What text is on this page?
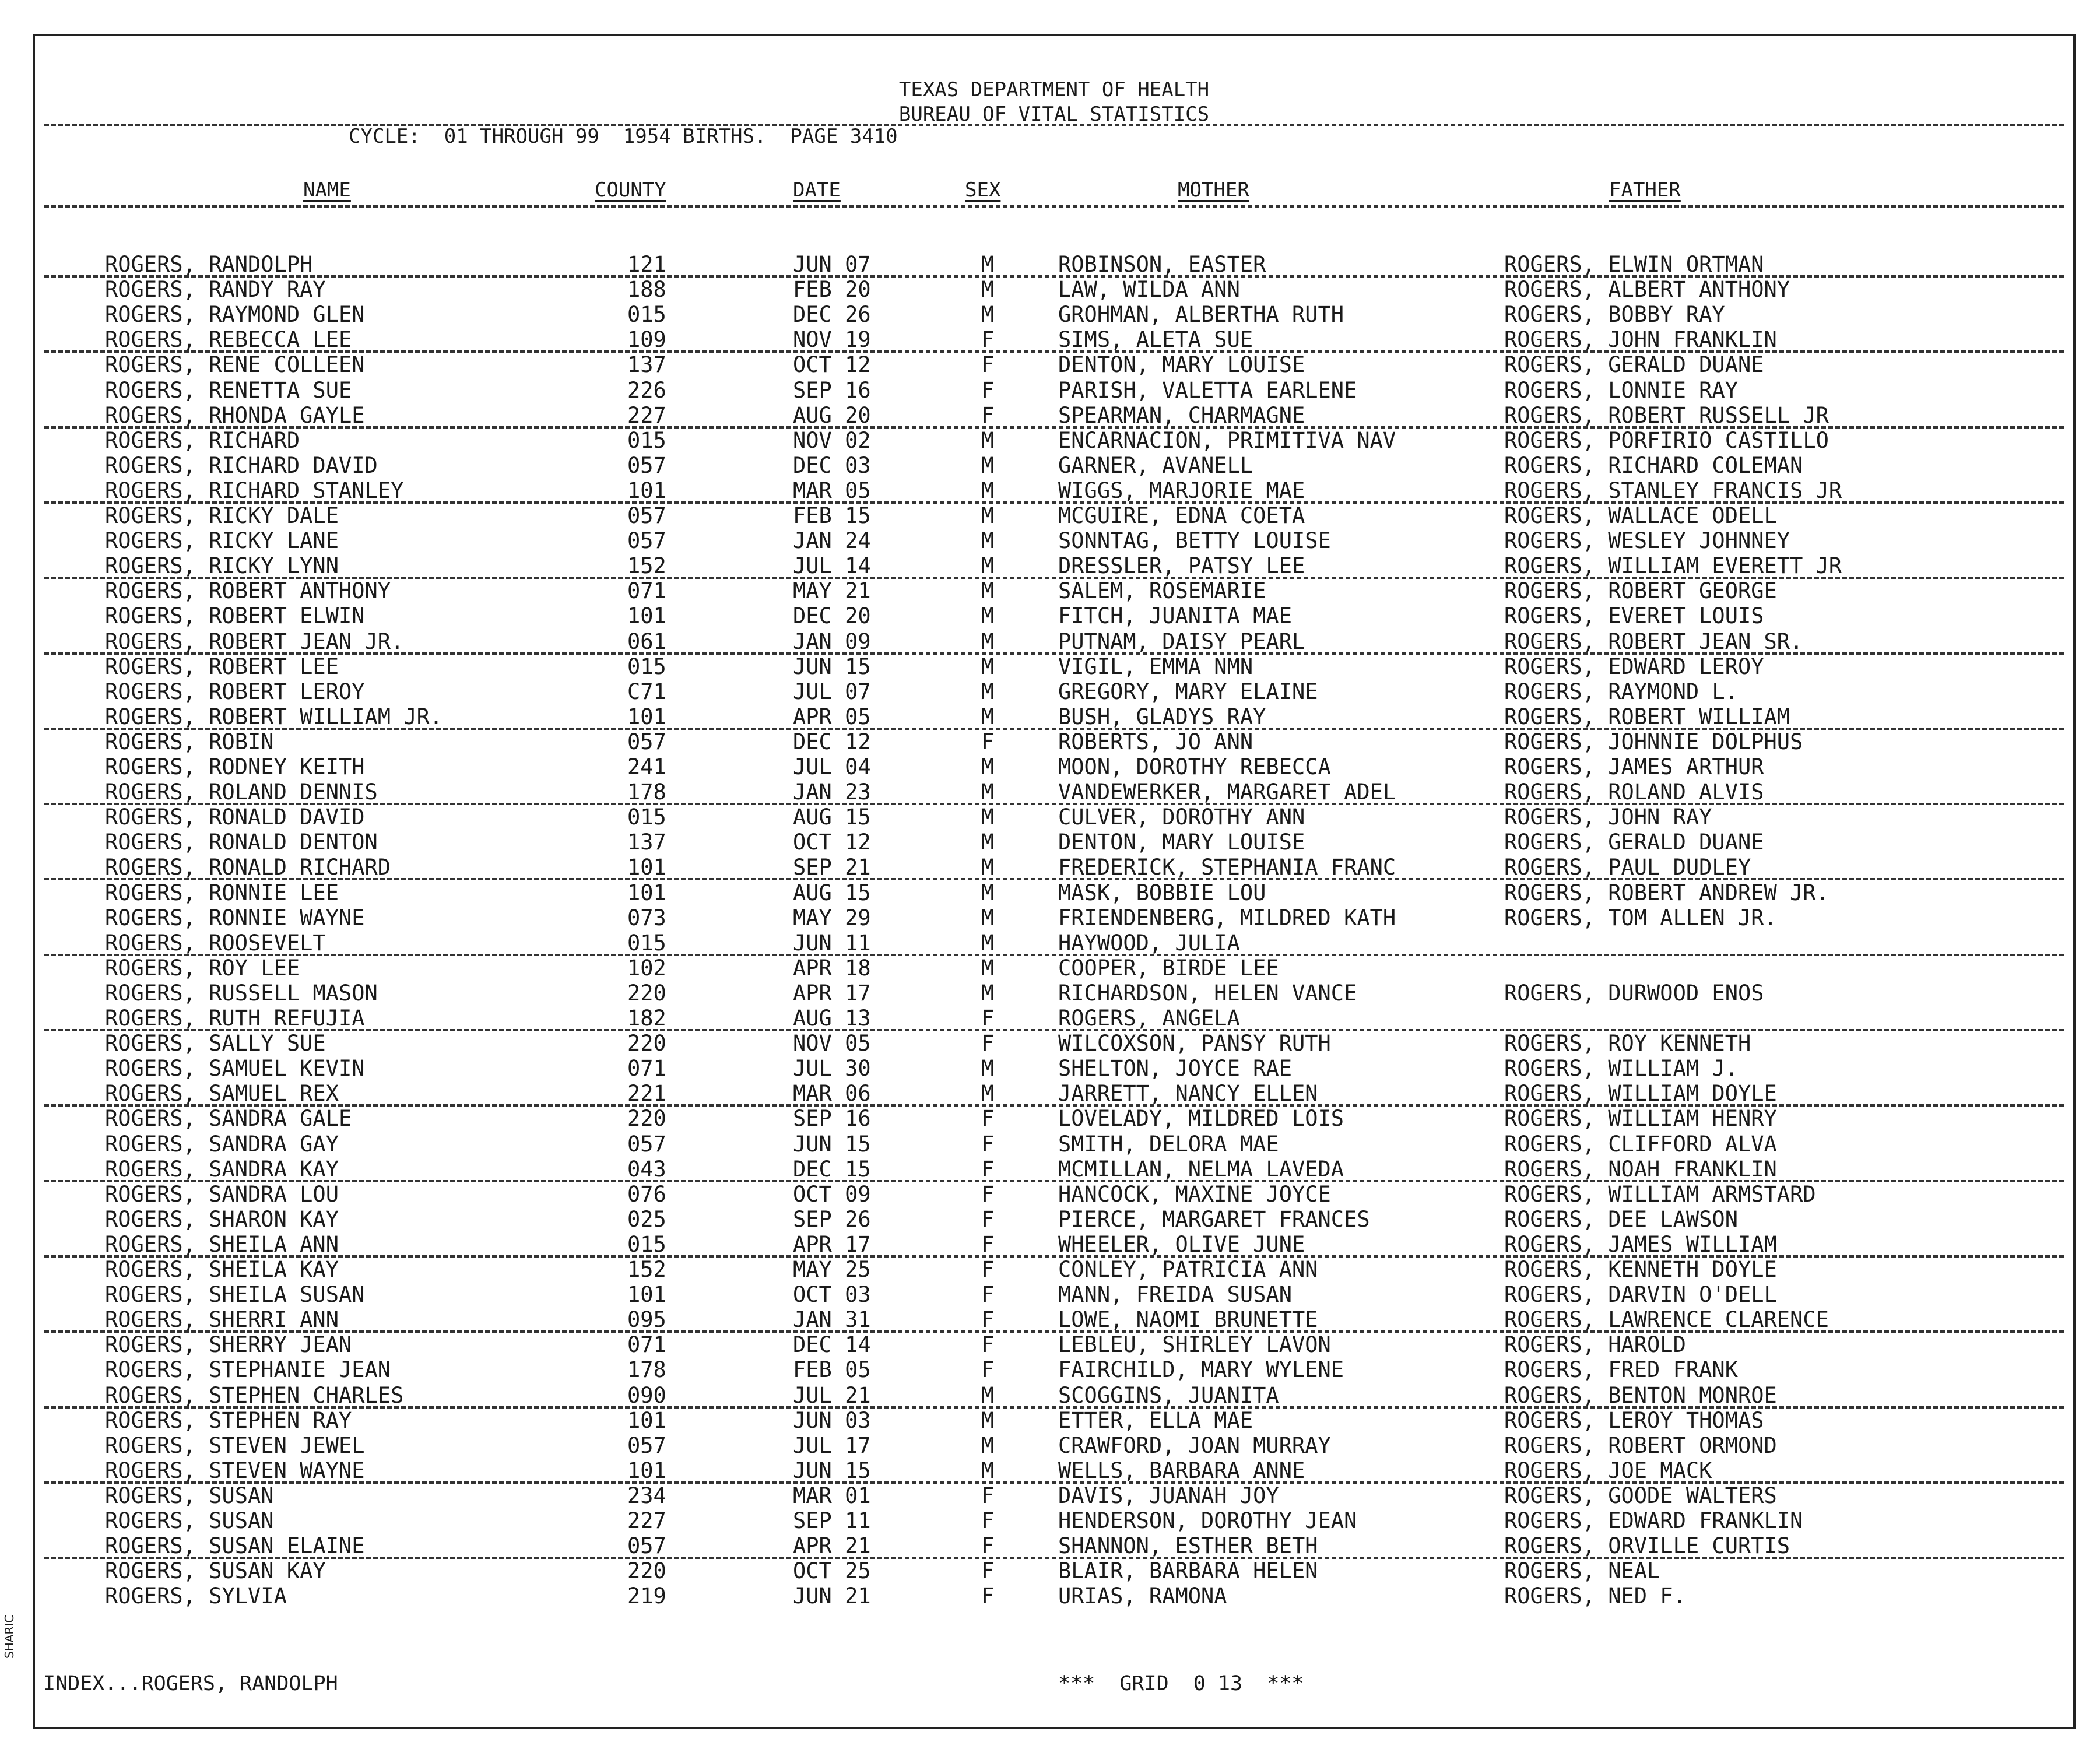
TEXAS DEPARTMENT OF HEALTH
BUREAU OF VITAL STATISTICS
CYCLE:  01 THROUGH 99  1954 BIRTHS.  PAGE 3410
NAME	COUNTY	DATE	SEX	MOTHER	FATHER
ROGERS, RANDOLPH	121	JUN 07	M	ROBINSON, EASTER	ROGERS, ELWIN ORTMAN
ROGERS, RANDY RAY	188	FEB 20	M	LAW, WILDA ANN	ROGERS, ALBERT ANTHONY
ROGERS, RAYMOND GLEN	015	DEC 26	M	GROHMAN, ALBERTHA RUTH	ROGERS, BOBBY RAY
ROGERS, REBECCA LEE	109	NOV 19	F	SIMS, ALETA SUE	ROGERS, JOHN FRANKLIN
ROGERS, RENE COLLEEN	137	OCT 12	F	DENTON, MARY LOUISE	ROGERS, GERALD DUANE
ROGERS, RENETTA SUE	226	SEP 16	F	PARISH, VALETTA EARLENE	ROGERS, LONNIE RAY
ROGERS, RHONDA GAYLE	227	AUG 20	F	SPEARMAN, CHARMAGNE	ROGERS, ROBERT RUSSELL JR
ROGERS, RICHARD	015	NOV 02	M	ENCARNACION, PRIMITIVA NAV	ROGERS, PORFIRIO CASTILLO
ROGERS, RICHARD DAVID	057	DEC 03	M	GARNER, AVANELL	ROGERS, RICHARD COLEMAN
ROGERS, RICHARD STANLEY	101	MAR 05	M	WIGGS, MARJORIE MAE	ROGERS, STANLEY FRANCIS JR
ROGERS, RICKY DALE	057	FEB 15	M	MCGUIRE, EDNA COETA	ROGERS, WALLACE ODELL
ROGERS, RICKY LANE	057	JAN 24	M	SONNTAG, BETTY LOUISE	ROGERS, WESLEY JOHNNEY
ROGERS, RICKY LYNN	152	JUL 14	M	DRESSLER, PATSY LEE	ROGERS, WILLIAM EVERETT JR
ROGERS, ROBERT ANTHONY	071	MAY 21	M	SALEM, ROSEMARIE	ROGERS, ROBERT GEORGE
ROGERS, ROBERT ELWIN	101	DEC 20	M	FITCH, JUANITA MAE	ROGERS, EVERET LOUIS
ROGERS, ROBERT JEAN JR.	061	JAN 09	M	PUTNAM, DAISY PEARL	ROGERS, ROBERT JEAN SR.
ROGERS, ROBERT LEE	015	JUN 15	M	VIGIL, EMMA NMN	ROGERS, EDWARD LEROY
ROGERS, ROBERT LEROY	C71	JUL 07	M	GREGORY, MARY ELAINE	ROGERS, RAYMOND L.
ROGERS, ROBERT WILLIAM JR.	101	APR 05	M	BUSH, GLADYS RAY	ROGERS, ROBERT WILLIAM
ROGERS, ROBIN	057	DEC 12	F	ROBERTS, JO ANN	ROGERS, JOHNNIE DOLPHUS
ROGERS, RODNEY KEITH	241	JUL 04	M	MOON, DOROTHY REBECCA	ROGERS, JAMES ARTHUR
ROGERS, ROLAND DENNIS	178	JAN 23	M	VANDEWERKER, MARGARET ADEL	ROGERS, ROLAND ALVIS
ROGERS, RONALD DAVID	015	AUG 15	M	CULVER, DOROTHY ANN	ROGERS, JOHN RAY
ROGERS, RONALD DENTON	137	OCT 12	M	DENTON, MARY LOUISE	ROGERS, GERALD DUANE
ROGERS, RONALD RICHARD	101	SEP 21	M	FREDERICK, STEPHANIA FRANC	ROGERS, PAUL DUDLEY
ROGERS, RONNIE LEE	101	AUG 15	M	MASK, BOBBIE LOU	ROGERS, ROBERT ANDREW JR.
ROGERS, RONNIE WAYNE	073	MAY 29	M	FRIENDENBERG, MILDRED KATH	ROGERS, TOM ALLEN JR.
ROGERS, ROOSEVELT	015	JUN 11	M	HAYWOOD, JULIA
ROGERS, ROY LEE	102	APR 18	M	COOPER, BIRDE LEE
ROGERS, RUSSELL MASON	220	APR 17	M	RICHARDSON, HELEN VANCE	ROGERS, DURWOOD ENOS
ROGERS, RUTH REFUJIA	182	AUG 13	F	ROGERS, ANGELA
ROGERS, SALLY SUE	220	NOV 05	F	WILCOXSON, PANSY RUTH	ROGERS, ROY KENNETH
ROGERS, SAMUEL KEVIN	071	JUL 30	M	SHELTON, JOYCE RAE	ROGERS, WILLIAM J.
ROGERS, SAMUEL REX	221	MAR 06	M	JARRETT, NANCY ELLEN	ROGERS, WILLIAM DOYLE
ROGERS, SANDRA GALE	220	SEP 16	F	LOVELADY, MILDRED LOIS	ROGERS, WILLIAM HENRY
ROGERS, SANDRA GAY	057	JUN 15	F	SMITH, DELORA MAE	ROGERS, CLIFFORD ALVA
ROGERS, SANDRA KAY	043	DEC 15	F	MCMILLAN, NELMA LAVEDA	ROGERS, NOAH FRANKLIN
ROGERS, SANDRA LOU	076	OCT 09	F	HANCOCK, MAXINE JOYCE	ROGERS, WILLIAM ARMSTARD
ROGERS, SHARON KAY	025	SEP 26	F	PIERCE, MARGARET FRANCES	ROGERS, DEE LAWSON
ROGERS, SHEILA ANN	015	APR 17	F	WHEELER, OLIVE JUNE	ROGERS, JAMES WILLIAM
ROGERS, SHEILA KAY	152	MAY 25	F	CONLEY, PATRICIA ANN	ROGERS, KENNETH DOYLE
ROGERS, SHEILA SUSAN	101	OCT 03	F	MANN, FREIDA SUSAN	ROGERS, DARVIN O'DELL
ROGERS, SHERRI ANN	095	JAN 31	F	LOWE, NAOMI BRUNETTE	ROGERS, LAWRENCE CLARENCE
ROGERS, SHERRY JEAN	071	DEC 14	F	LEBLEU, SHIRLEY LAVON	ROGERS, HAROLD
ROGERS, STEPHANIE JEAN	178	FEB 05	F	FAIRCHILD, MARY WYLENE	ROGERS, FRED FRANK
ROGERS, STEPHEN CHARLES	090	JUL 21	M	SCOGGINS, JUANITA	ROGERS, BENTON MONROE
ROGERS, STEPHEN RAY	101	JUN 03	M	ETTER, ELLA MAE	ROGERS, LEROY THOMAS
ROGERS, STEVEN JEWEL	057	JUL 17	M	CRAWFORD, JOAN MURRAY	ROGERS, ROBERT ORMOND
ROGERS, STEVEN WAYNE	101	JUN 15	M	WELLS, BARBARA ANNE	ROGERS, JOE MACK
ROGERS, SUSAN	234	MAR 01	F	DAVIS, JUANAH JOY	ROGERS, GOODE WALTERS
ROGERS, SUSAN	227	SEP 11	F	HENDERSON, DOROTHY JEAN	ROGERS, EDWARD FRANKLIN
ROGERS, SUSAN ELAINE	057	APR 21	F	SHANNON, ESTHER BETH	ROGERS, ORVILLE CURTIS
ROGERS, SUSAN KAY	220	OCT 25	F	BLAIR, BARBARA HELEN	ROGERS, NEAL
ROGERS, SYLVIA	219	JUN 21	F	URIAS, RAMONA	ROGERS, NED F.
INDEX...ROGERS, RANDOLPH	***  GRID  0 13  ***
SHARIC
